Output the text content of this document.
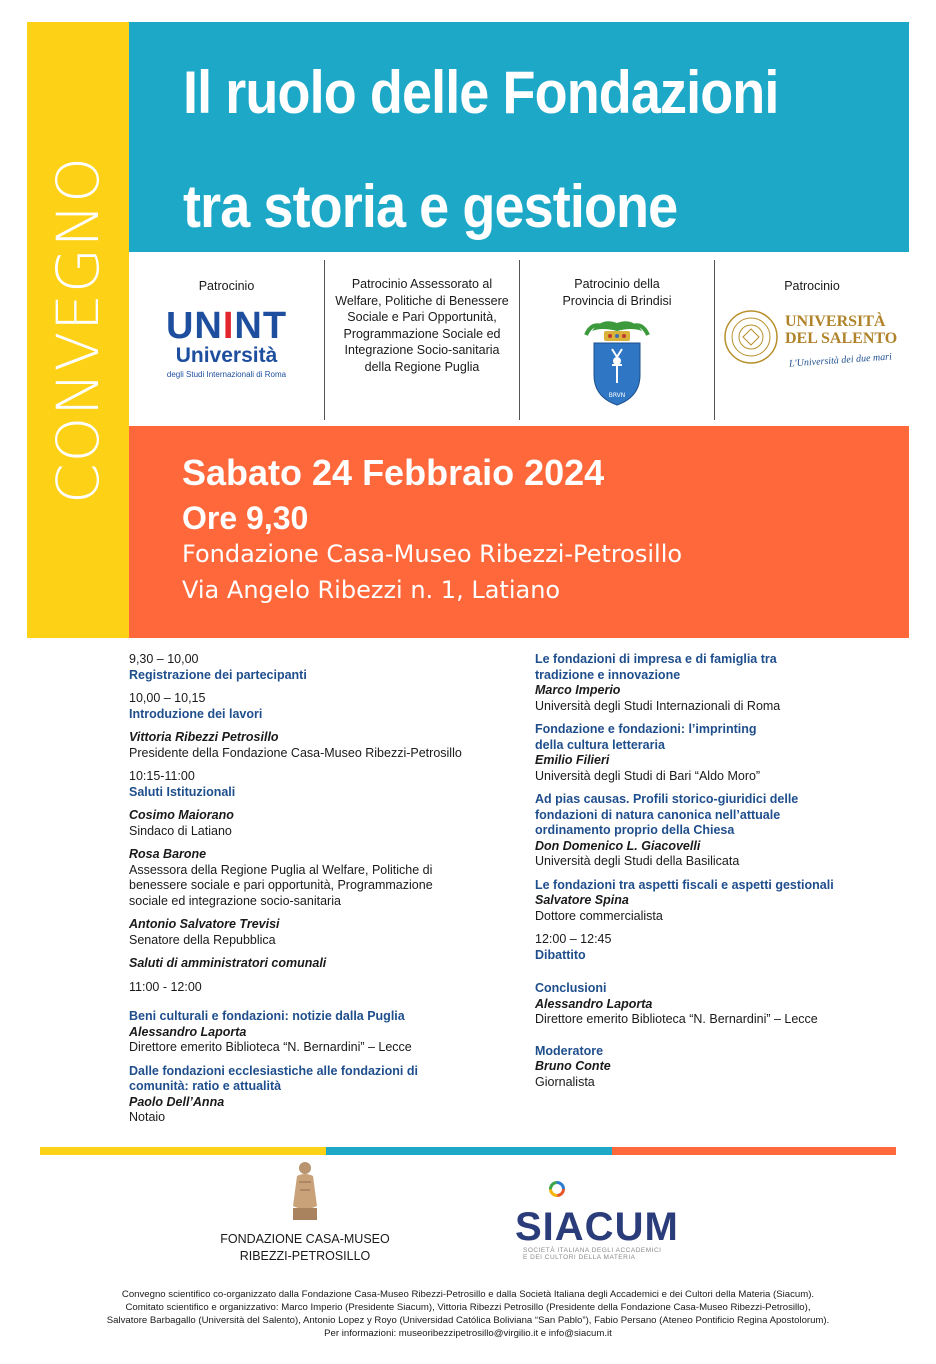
CONVEGNO
Il ruolo delle Fondazioni
tra storia e gestione
Patrocinio
UNINT
Università
degli Studi Internazionali di Roma
Patrocinio Assessorato al
Welfare, Politiche di Benessere
Sociale e Pari Opportunità,
Programmazione Sociale ed
Integrazione Socio-sanitaria
della Regione Puglia
Patrocinio della
Provincia di Brindisi
BRVN
Patrocinio
UNIVERSITÀ
DEL SALENTO
L'Università dei due mari
Sabato 24 Febbraio 2024
Ore 9,30
Fondazione Casa-Museo Ribezzi-Petrosillo
Via Angelo Ribezzi n. 1, Latiano
9,30 – 10,00
Registrazione dei partecipanti
10,00 – 10,15
Introduzione dei lavori
Vittoria Ribezzi Petrosillo
Presidente della Fondazione Casa-Museo Ribezzi-Petrosillo
10:15-11:00
Saluti Istituzionali
Cosimo Maiorano
Sindaco di Latiano
Rosa Barone
Assessora della Regione Puglia al Welfare, Politiche di benessere sociale e pari opportunità, Programmazione sociale ed integrazione socio-sanitaria
Antonio Salvatore Trevisi
Senatore della Repubblica
Saluti di amministratori comunali
11:00 - 12:00
Beni culturali e fondazioni: notizie dalla Puglia
Alessandro Laporta
Direttore emerito Biblioteca “N. Bernardini” – Lecce
Dalle fondazioni ecclesiastiche alle fondazioni di comunità: ratio e attualità
Paolo Dell’Anna
Notaio
Le fondazioni di impresa e di famiglia tra tradizione e innovazione
Marco Imperio
Università degli Studi Internazionali di Roma
Fondazione e fondazioni: l’imprinting della cultura letteraria
Emilio Filieri
Università degli Studi di Bari “Aldo Moro”
Ad pias causas. Profili storico-giuridici delle fondazioni di natura canonica nell’attuale ordinamento proprio della Chiesa
Don Domenico L. Giacovelli
Università degli Studi della Basilicata
Le fondazioni tra aspetti fiscali e aspetti gestionali
Salvatore Spina
Dottore commercialista
12:00 – 12:45
Dibattito
Conclusioni
Alessandro Laporta
Direttore emerito Biblioteca “N. Bernardini” – Lecce
Moderatore
Bruno Conte
Giornalista
FONDAZIONE CASA-MUSEO
RIBEZZI-PETROSILLO
SIACUM
SOCIETÀ ITALIANA DEGLI ACCADEMICI
E DEI CULTORI DELLA MATERIA
Convegno scientifico co-organizzato dalla Fondazione Casa-Museo Ribezzi-Petrosillo e dalla Società Italiana degli Accademici e dei Cultori della Materia (Siacum).
Comitato scientifico e organizzativo: Marco Imperio (Presidente Siacum), Vittoria Ribezzi Petrosillo (Presidente della Fondazione Casa-Museo Ribezzi-Petrosillo),
Salvatore Barbagallo (Università del Salento), Antonio Lopez y Royo (Universidad Católica Boliviana “San Pablo”), Fabio Persano (Ateneo Pontificio Regina Apostolorum).
Per informazioni: museoribezzipetrosillo@virgilio.it e info@siacum.it
